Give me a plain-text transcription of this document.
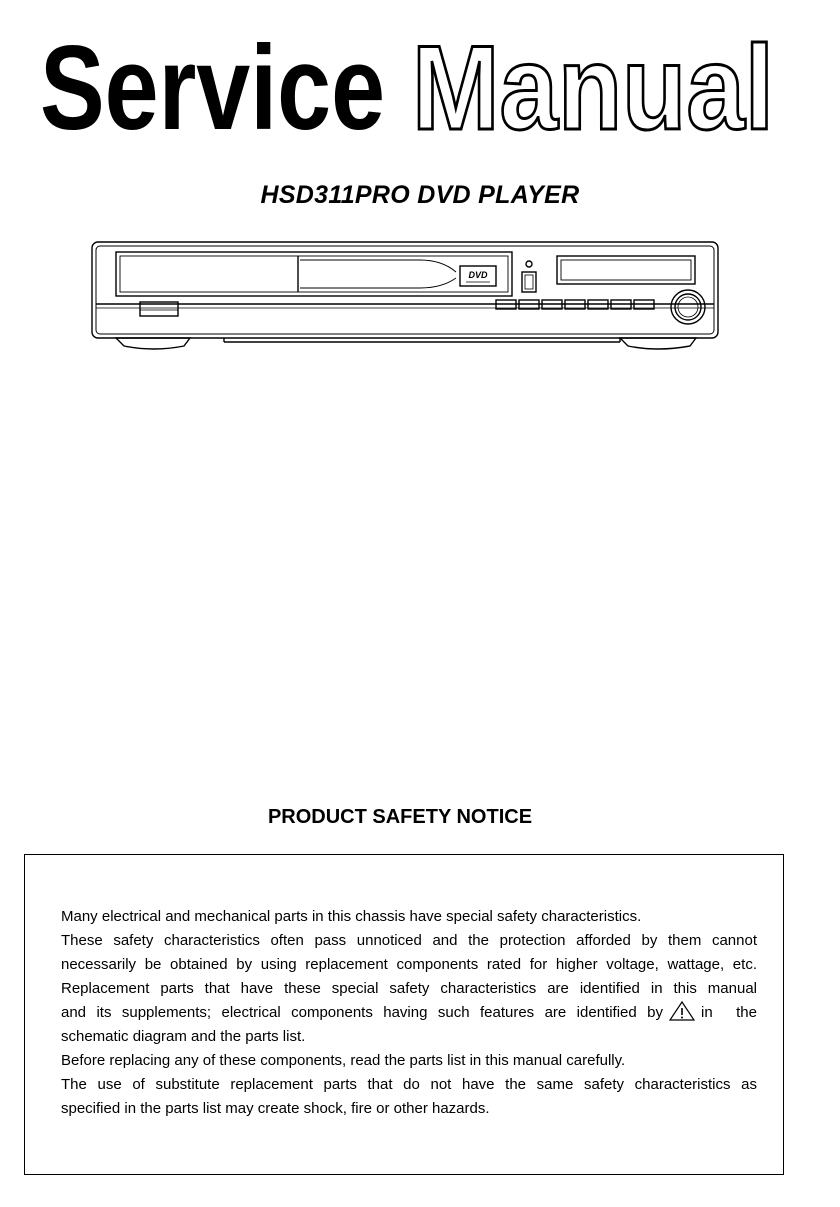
Service Manual
HSD311PRO DVD PLAYER
DVD
PRODUCT SAFETY NOTICE
Many electrical and mechanical parts in this chassis have special safety characteristics.
These safety characteristics often pass unnoticed and the protection afforded by them cannot
necessarily be obtained by using replacement components rated for higher voltage, wattage, etc.
Replacement parts that have these special safety characteristics are identified in this manual
and its supplements; electrical components having such features are identified by	in the
schematic diagram and the parts list.
Before replacing any of these components, read the parts list in this manual carefully.
The use of substitute replacement parts that do not have the same safety characteristics as
specified in the parts list may create shock, fire or other hazards.
